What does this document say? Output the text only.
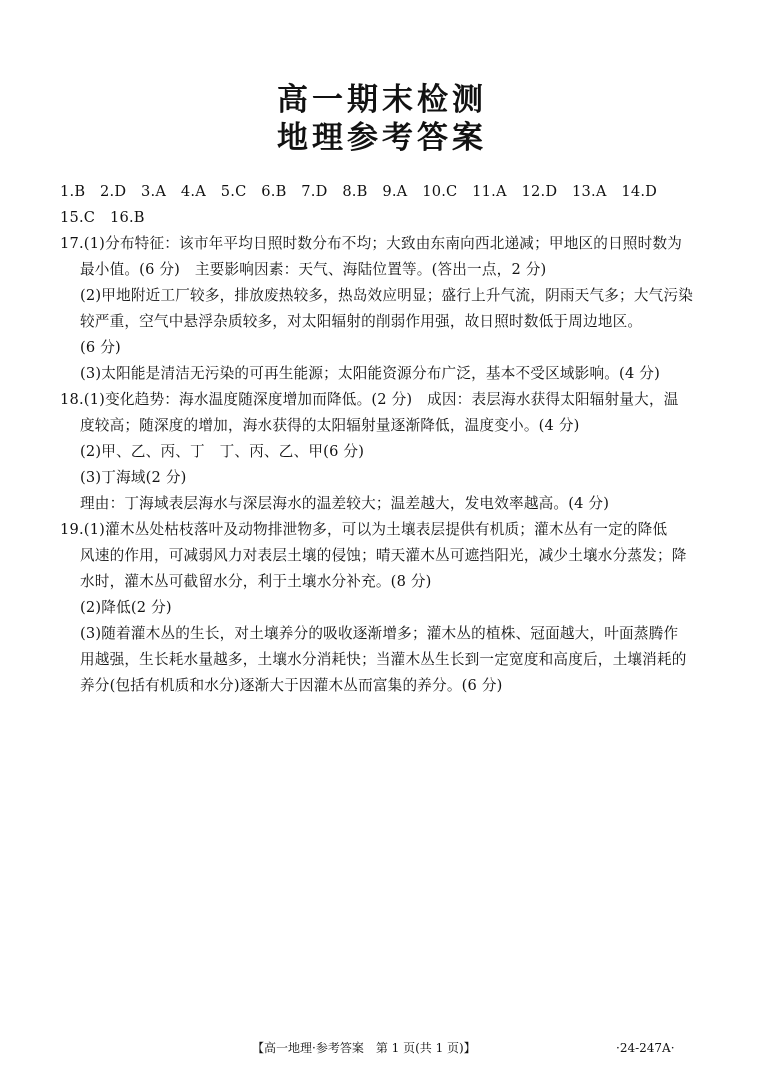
高一期末检测
地理参考答案
1.B　2.D　3.A　4.A　5.C　6.B　7.D　8.B　9.A　10.C　11.A　12.D　13.A　14.D
15.C　16.B
17.(1)分布特征：该市年平均日照时数分布不均；大致由东南向西北递减；甲地区的日照时数为
最小值。(6 分)　主要影响因素：天气、海陆位置等。(答出一点，2 分)
(2)甲地附近工厂较多，排放废热较多，热岛效应明显；盛行上升气流，阴雨天气多；大气污染
较严重，空气中悬浮杂质较多，对太阳辐射的削弱作用强，故日照时数低于周边地区。
(6 分)
(3)太阳能是清洁无污染的可再生能源；太阳能资源分布广泛，基本不受区域影响。(4 分)
18.(1)变化趋势：海水温度随深度增加而降低。(2 分)　成因：表层海水获得太阳辐射量大，温
度较高；随深度的增加，海水获得的太阳辐射量逐渐降低，温度变小。(4 分)
(2)甲、乙、丙、丁　丁、丙、乙、甲(6 分)
(3)丁海域(2 分)
理由：丁海域表层海水与深层海水的温差较大；温差越大，发电效率越高。(4 分)
19.(1)灌木丛处枯枝落叶及动物排泄物多，可以为土壤表层提供有机质；灌木丛有一定的降低
风速的作用，可减弱风力对表层土壤的侵蚀；晴天灌木丛可遮挡阳光，减少土壤水分蒸发；降
水时，灌木丛可截留水分，利于土壤水分补充。(8 分)
(2)降低(2 分)
(3)随着灌木丛的生长，对土壤养分的吸收逐渐增多；灌木丛的植株、冠面越大，叶面蒸腾作
用越强，生长耗水量越多，土壤水分消耗快；当灌木丛生长到一定宽度和高度后，土壤消耗的
养分(包括有机质和水分)逐渐大于因灌木丛而富集的养分。(6 分)
【高一地理·参考答案　第 1 页(共 1 页)】	·24-247A·
